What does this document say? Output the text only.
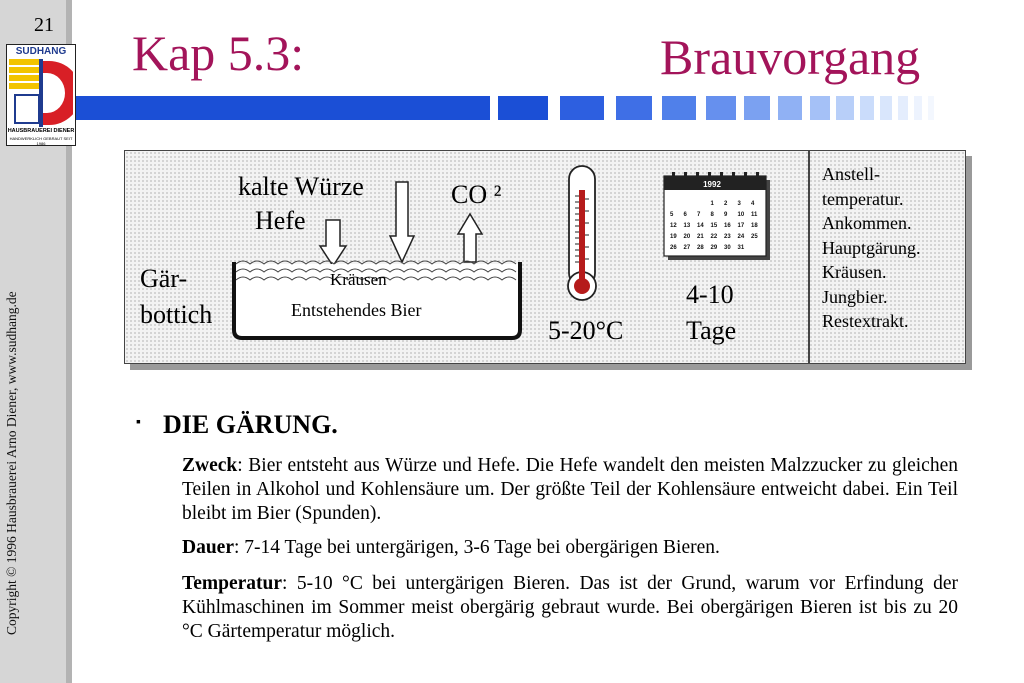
21
SUDHANG
HAUSBRAUEREI DIENER
HANDWERKLICH GEBRAUT SEIT 1986
Copyright © 1996 Hausbrauerei Arno Diener, www.sudhang.de
Kap 5.3:	Brauvorgang
kalte Würze
Hefe
CO ²
Gär-
bottich
Kräusen
Entstehendes Bier
5-20°C
4-10
Tage
1992
1 2 3 4
5 6 7 8 9 10 11
12 13 14 15 16 17 18
19 20 21 22 23 24 25
26 27 28 29 30 31
Anstell-
temperatur.
Ankommen.
Hauptgärung.
Kräusen.
Jungbier.
Restextrakt.
▪ DIE GÄRUNG.

Zweck: Bier entsteht aus Würze und Hefe. Die Hefe wandelt den meisten Malzzucker zu gleichen Teilen in Alkohol und Kohlensäure um. Der größte Teil der Kohlensäure entweicht dabei. Ein Teil bleibt im Bier (Spunden).

Dauer: 7-14 Tage bei untergärigen, 3-6 Tage bei obergärigen Bieren.

Temperatur: 5-10 °C bei untergärigen Bieren. Das ist der Grund, warum vor Erfindung der Kühlmaschinen im Sommer meist obergärig gebraut wurde. Bei obergärigen Bieren ist bis zu 20 °C Gärtemperatur möglich.
